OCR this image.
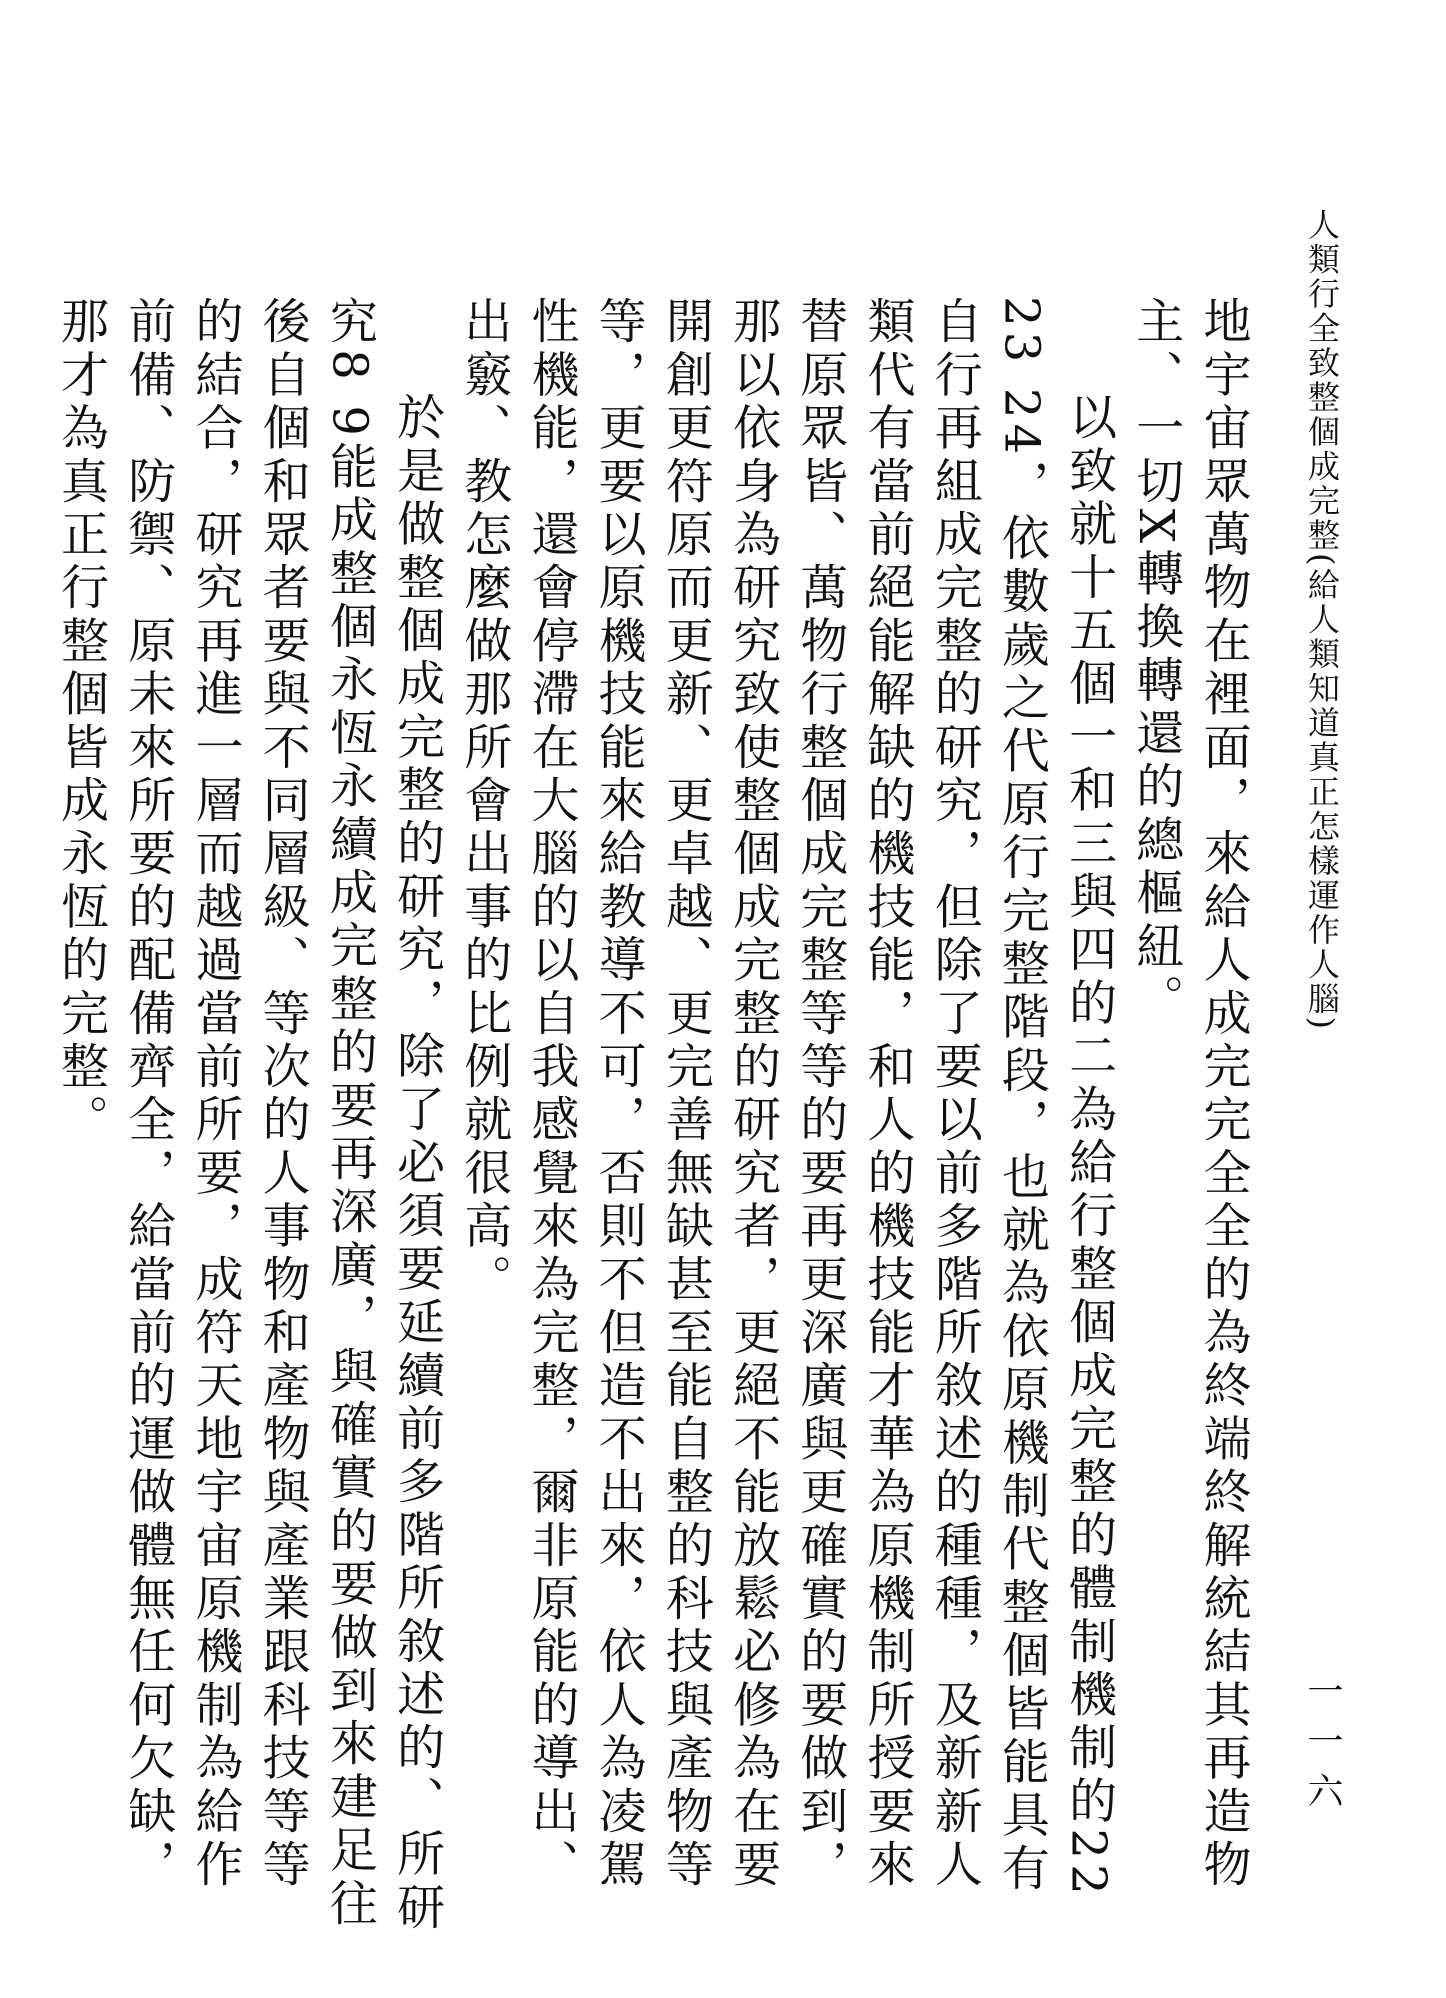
人類行全致整個成完整(給人類知道真正怎樣運作人腦)
一一六

地宇宙眾萬物在裡面，來給人成完完全全的為終端終解統結其再造物主、一切X轉換轉還的總樞紐。

以致就十五個一和三與四的二為給行整個成完整的體制機制的22 23 24，依數歲之代原行完整階段，也就為依原機制代整個皆能具有自行再組成完整的研究，但除了要以前多階所敘述的種種，及新新人類代有當前絕能解缺的機技能，和人的機技能才華為原機制所授要來替原眾皆、萬物行整個成完整等等的要再更深廣與更確實的要做到，那以依身為研究致使整個成完整的研究者，更絕不能放鬆必修為在要開創更符原而更新、更卓越、更完善無缺甚至能自整的科技與產物等等，更要以原機技能來給教導不可，否則不但造不出來，依人為凌駕性機能，還會停滯在大腦的以自我感覺來為完整，爾非原能的導出、出竅、教怎麼做那所會出事的比例就很高。

於是做整個成完整的研究，除了必須要延續前多階所敘述的、所研究8 9能成整個永恆永續成完整的要再深廣，與確實的要做到來建足往後自個和眾者要與不同層級、等次的人事物和產物與產業跟科技等等的結合，研究再進一層而越過當前所要，成符天地宇宙原機制為給作前備、防禦、原未來所要的配備齊全，給當前的運做體無任何欠缺，那才為真正行整個皆成永恆的完整。
